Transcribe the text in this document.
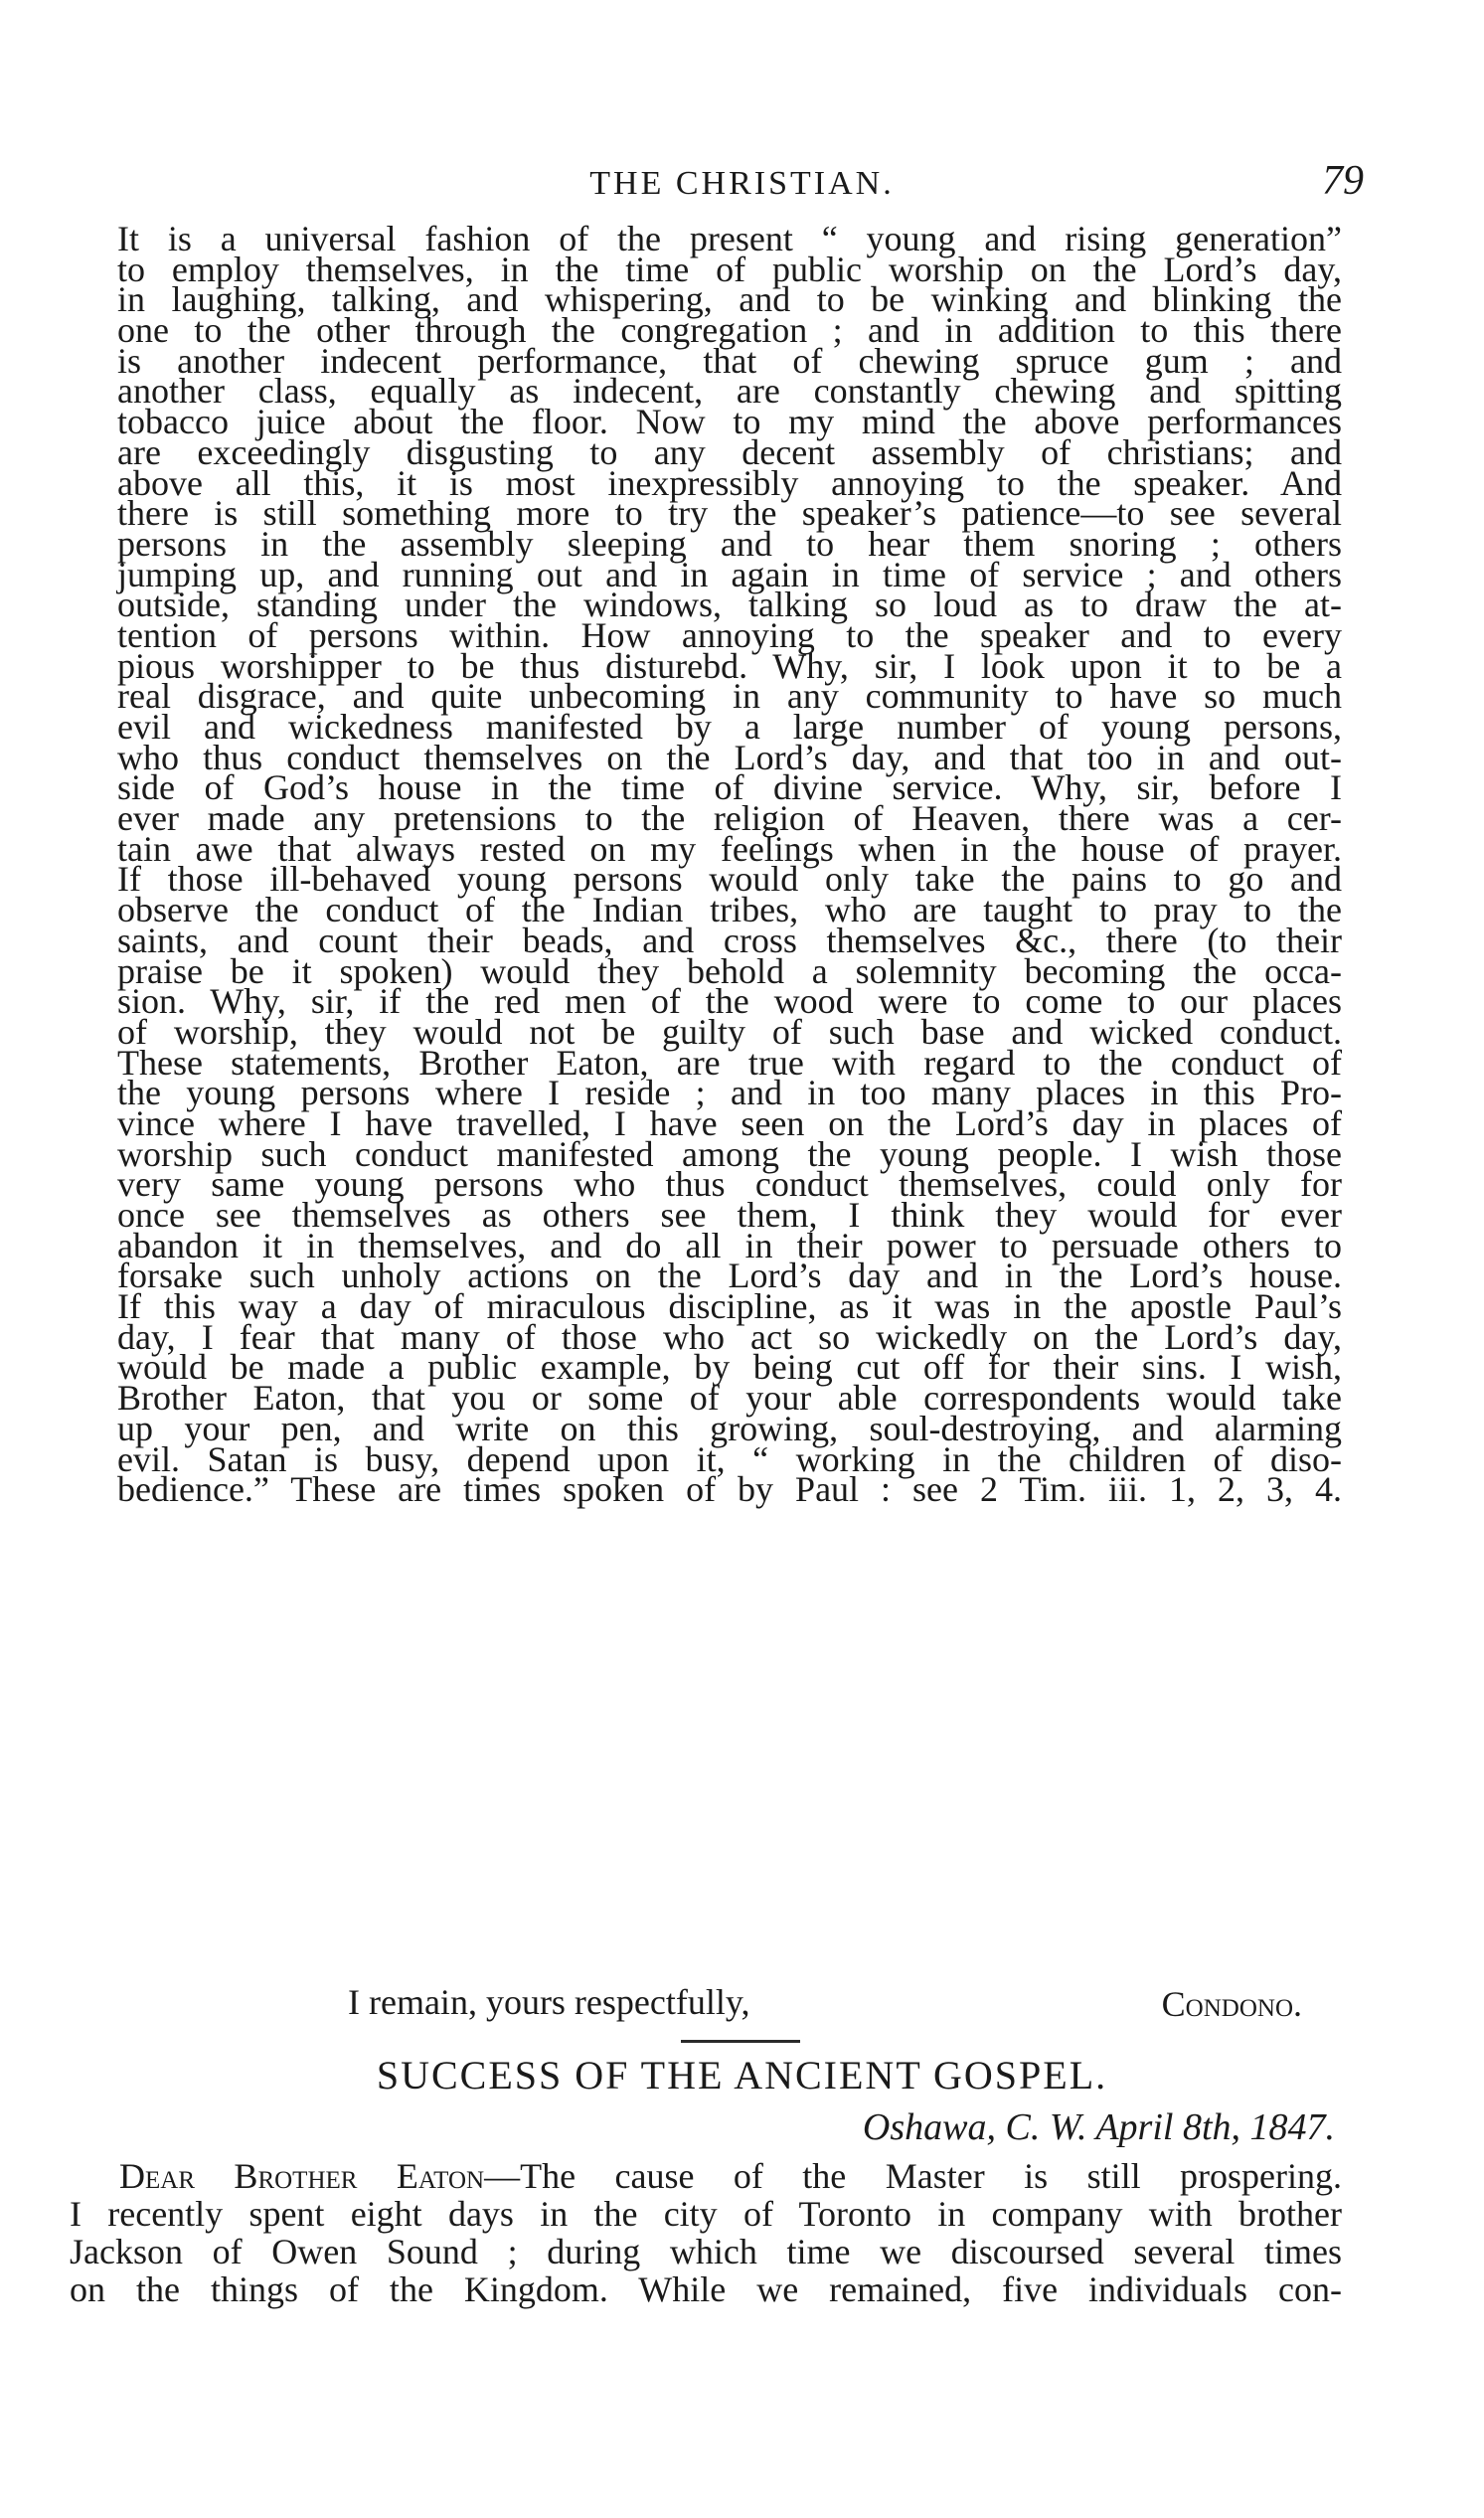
THE CHRISTIAN.	79
It is a universal fashion of the present “ young and rising generation”
to employ themselves, in the time of public worship on the Lord’s day,
in laughing, talking, and whispering, and to be winking and blinking the
one to the other through the congregation ; and in addition to this there
is another indecent performance, that of chewing spruce gum ; and
another class, equally as indecent, are constantly chewing and spitting
tobacco juice about the floor. Now to my mind the above performances
are exceedingly disgusting to any decent assembly of christians; and
above all this, it is most inexpressibly annoying to the speaker. And
there is still something more to try the speaker’s patience—to see several
persons in the assembly sleeping and to hear them snoring ; others
jumping up, and running out and in again in time of service ; and others
outside, standing under the windows, talking so loud as to draw the at-
tention of persons within. How annoying to the speaker and to every
pious worshipper to be thus disturebd. Why, sir, I look upon it to be a
real disgrace, and quite unbecoming in any community to have so much
evil and wickedness manifested by a large number of young persons,
who thus conduct themselves on the Lord’s day, and that too in and out-
side of God’s house in the time of divine service. Why, sir, before I
ever made any pretensions to the religion of Heaven, there was a cer-
tain awe that always rested on my feelings when in the house of prayer.
If those ill-behaved young persons would only take the pains to go and
observe the conduct of the Indian tribes, who are taught to pray to the
saints, and count their beads, and cross themselves &c., there (to their
praise be it spoken) would they behold a solemnity becoming the occa-
sion. Why, sir, if the red men of the wood were to come to our places
of worship, they would not be guilty of such base and wicked conduct.
These statements, Brother Eaton, are true with regard to the conduct of
the young persons where I reside ; and in too many places in this Pro-
vince where I have travelled, I have seen on the Lord’s day in places of
worship such conduct manifested among the young people. I wish those
very same young persons who thus conduct themselves, could only for
once see themselves as others see them, I think they would for ever
abandon it in themselves, and do all in their power to persuade others to
forsake such unholy actions on the Lord’s day and in the Lord’s house.
If this way a day of miraculous discipline, as it was in the apostle Paul’s
day, I fear that many of those who act so wickedly on the Lord’s day,
would be made a public example, by being cut off for their sins. I wish,
Brother Eaton, that you or some of your able correspondents would take
up your pen, and write on this growing, soul-destroying, and alarming
evil. Satan is busy, depend upon it, “ working in the children of diso-
bedience.” These are times spoken of by Paul : see 2 Tim. iii. 1, 2, 3, 4.
I remain, yours respectfully,	Condono.
SUCCESS OF THE ANCIENT GOSPEL.
Oshawa, C. W. April 8th, 1847.
Dear Brother Eaton—The cause of the Master is still prospering.
I recently spent eight days in the city of Toronto in company with brother
Jackson of Owen Sound ; during which time we discoursed several times
on the things of the Kingdom. While we remained, five individuals con-
